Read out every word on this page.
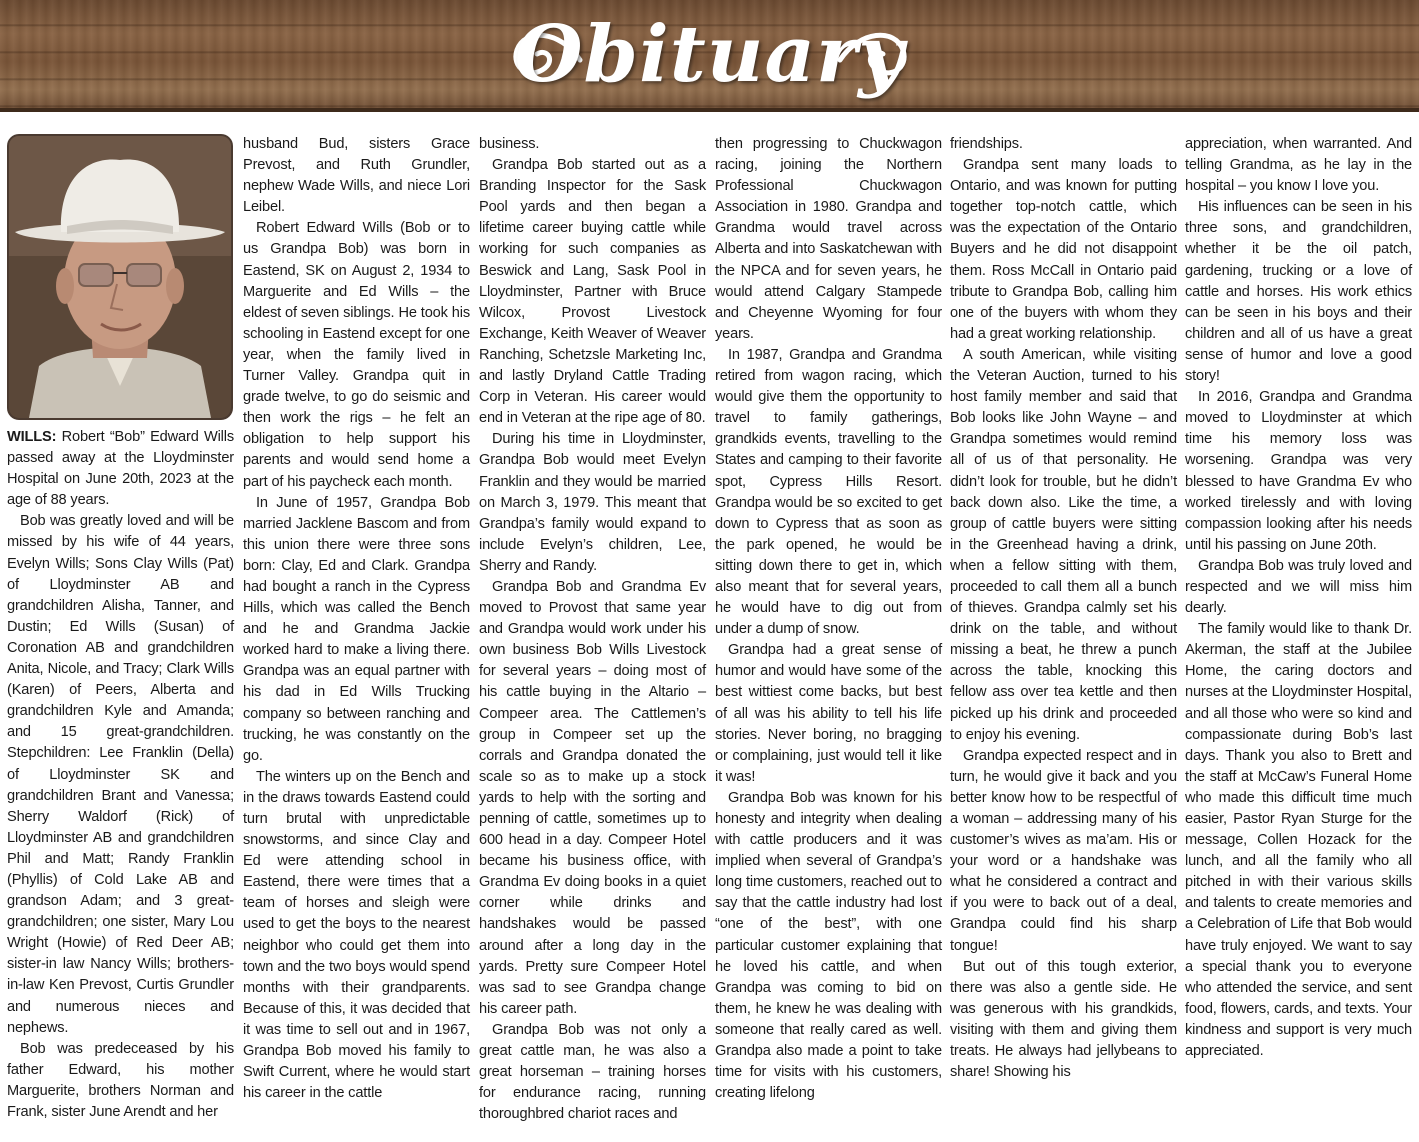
Obituary

WILLS: Robert “Bob” Edward Wills passed away at the Lloydminster Hospital on June 20th, 2023 at the age of 88 years.

Bob was greatly loved and will be missed by his wife of 44 years, Evelyn Wills; Sons Clay Wills (Pat) of Lloydminster AB and grandchildren Alisha, Tanner, and Dustin; Ed Wills (Susan) of Coronation AB and grandchildren Anita, Nicole, and Tracy; Clark Wills (Karen) of Peers, Alberta and grandchildren Kyle and Amanda; and 15 great-grandchildren. Stepchildren: Lee Franklin (Della) of Lloydminster SK and grandchildren Brant and Vanessa; Sherry Waldorf (Rick) of Lloydminster AB and grandchildren Phil and Matt; Randy Franklin (Phyllis) of Cold Lake AB and grandson Adam; and 3 great-grandchildren; one sister, Mary Lou Wright (Howie) of Red Deer AB; sister-in law Nancy Wills; brothers-in-law Ken Prevost, Curtis Grundler and numerous nieces and nephews.

Bob was predeceased by his father Edward, his mother Marguerite, brothers Norman and Frank, sister June Arendt and her

husband Bud, sisters Grace Prevost, and Ruth Grundler, nephew Wade Wills, and niece Lori Leibel.

Robert Edward Wills (Bob or to us Grandpa Bob) was born in Eastend, SK on August 2, 1934 to Marguerite and Ed Wills – the eldest of seven siblings. He took his schooling in Eastend except for one year, when the family lived in Turner Valley. Grandpa quit in grade twelve, to go do seismic and then work the rigs – he felt an obligation to help support his parents and would send home a part of his paycheck each month.

In June of 1957, Grandpa Bob married Jacklene Bascom and from this union there were three sons born: Clay, Ed and Clark. Grandpa had bought a ranch in the Cypress Hills, which was called the Bench and he and Grandma Jackie worked hard to make a living there. Grandpa was an equal partner with his dad in Ed Wills Trucking company so between ranching and trucking, he was constantly on the go.

The winters up on the Bench and in the draws towards Eastend could turn brutal with unpredictable snowstorms, and since Clay and Ed were attending school in Eastend, there were times that a team of horses and sleigh were used to get the boys to the nearest neighbor who could get them into town and the two boys would spend months with their grandparents. Because of this, it was decided that it was time to sell out and in 1967, Grandpa Bob moved his family to Swift Current, where he would start his career in the cattle

business.

Grandpa Bob started out as a Branding Inspector for the Sask Pool yards and then began a lifetime career buying cattle while working for such companies as Beswick and Lang, Sask Pool in Lloydminster, Partner with Bruce Wilcox, Provost Livestock Exchange, Keith Weaver of Weaver Ranching, Schetzsle Marketing Inc, and lastly Dryland Cattle Trading Corp in Veteran. His career would end in Veteran at the ripe age of 80.

During his time in Lloydminster, Grandpa Bob would meet Evelyn Franklin and they would be married on March 3, 1979. This meant that Grandpa’s family would expand to include Evelyn’s children, Lee, Sherry and Randy.

Grandpa Bob and Grandma Ev moved to Provost that same year and Grandpa would work under his own business Bob Wills Livestock for several years – doing most of his cattle buying in the Altario – Compeer area. The Cattlemen’s group in Compeer set up the corrals and Grandpa donated the scale so as to make up a stock yards to help with the sorting and penning of cattle, sometimes up to 600 head in a day. Compeer Hotel became his business office, with Grandma Ev doing books in a quiet corner while drinks and handshakes would be passed around after a long day in the yards. Pretty sure Compeer Hotel was sad to see Grandpa change his career path.

Grandpa Bob was not only a great cattle man, he was also a great horseman – training horses for endurance racing, running thoroughbred chariot races and

then progressing to Chuckwagon racing, joining the Northern Professional Chuckwagon Association in 1980. Grandpa and Grandma would travel across Alberta and into Saskatchewan with the NPCA and for seven years, he would attend Calgary Stampede and Cheyenne Wyoming for four years.

In 1987, Grandpa and Grandma retired from wagon racing, which would give them the opportunity to travel to family gatherings, grandkids events, travelling to the States and camping to their favorite spot, Cypress Hills Resort. Grandpa would be so excited to get down to Cypress that as soon as the park opened, he would be sitting down there to get in, which also meant that for several years, he would have to dig out from under a dump of snow.

Grandpa had a great sense of humor and would have some of the best wittiest come backs, but best of all was his ability to tell his life stories. Never boring, no bragging or complaining, just would tell it like it was!

Grandpa Bob was known for his honesty and integrity when dealing with cattle producers and it was implied when several of Grandpa’s long time customers, reached out to say that the cattle industry had lost “one of the best”, with one particular customer explaining that he loved his cattle, and when Grandpa was coming to bid on them, he knew he was dealing with someone that really cared as well. Grandpa also made a point to take time for visits with his customers, creating lifelong

friendships.

Grandpa sent many loads to Ontario, and was known for putting together top-notch cattle, which was the expectation of the Ontario Buyers and he did not disappoint them. Ross McCall in Ontario paid tribute to Grandpa Bob, calling him one of the buyers with whom they had a great working relationship.

A south American, while visiting the Veteran Auction, turned to his host family member and said that Bob looks like John Wayne – and Grandpa sometimes would remind all of us of that personality. He didn’t look for trouble, but he didn’t back down also. Like the time, a group of cattle buyers were sitting in the Greenhead having a drink, when a fellow sitting with them, proceeded to call them all a bunch of thieves. Grandpa calmly set his drink on the table, and without missing a beat, he threw a punch across the table, knocking this fellow ass over tea kettle and then picked up his drink and proceeded to enjoy his evening.

Grandpa expected respect and in turn, he would give it back and you better know how to be respectful of a woman – addressing many of his customer’s wives as ma’am. His or your word or a handshake was what he considered a contract and if you were to back out of a deal, Grandpa could find his sharp tongue!

But out of this tough exterior, there was also a gentle side. He was generous with his grandkids, visiting with them and giving them treats. He always had jellybeans to share! Showing his

appreciation, when warranted. And telling Grandma, as he lay in the hospital – you know I love you.

His influences can be seen in his three sons, and grandchildren, whether it be the oil patch, gardening, trucking or a love of cattle and horses. His work ethics can be seen in his boys and their children and all of us have a great sense of humor and love a good story!

In 2016, Grandpa and Grandma moved to Lloydminster at which time his memory loss was worsening. Grandpa was very blessed to have Grandma Ev who worked tirelessly and with loving compassion looking after his needs until his passing on June 20th.

Grandpa Bob was truly loved and respected and we will miss him dearly.

The family would like to thank Dr. Akerman, the staff at the Jubilee Home, the caring doctors and nurses at the Lloydminster Hospital, and all those who were so kind and compassionate during Bob’s last days. Thank you also to Brett and the staff at McCaw’s Funeral Home who made this difficult time much easier, Pastor Ryan Sturge for the message, Collen Hozack for the lunch, and all the family who all pitched in with their various skills and talents to create memories and a Celebration of Life that Bob would have truly enjoyed. We want to say a special thank you to everyone who attended the service, and sent food, flowers, cards, and texts. Your kindness and support is very much appreciated.
